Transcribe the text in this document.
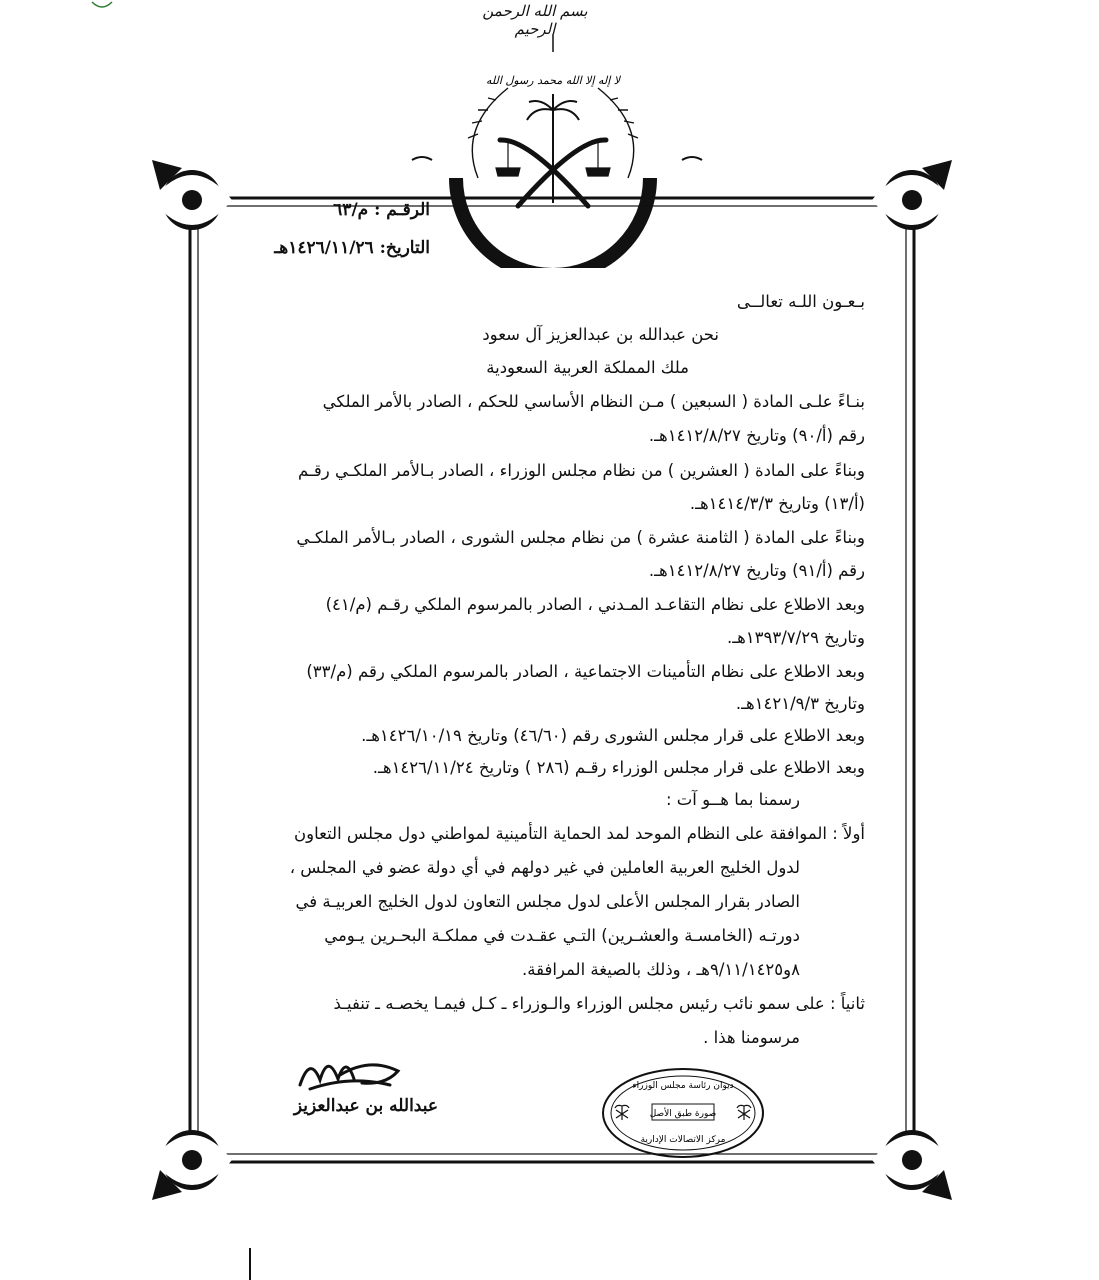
بسم الله الرحمن الرحيم
لا إله إلا الله محمد رسول الله
ديوان المظالم - المملكة العربية السعودية
الرقـم : م/٦٣
التاريخ: ١٤٢٦/١١/٢٦هـ
بـعـون اللـه تعالــى
نحن عبدالله بن عبدالعزيز آل سعود
ملك المملكة العربية السعودية
بنـاءً علـى المادة ( السبعين ) مـن النظام الأساسي للحكم ، الصادر بالأمر الملكي
رقم (أ/٩٠) وتاريخ ١٤١٢/٨/٢٧هـ.
وبناءً على المادة ( العشرين ) من نظام مجلس الوزراء ، الصادر بـالأمر الملكـي رقـم
(أ/١٣) وتاريخ ١٤١٤/٣/٣هـ.
وبناءً على المادة ( الثامنة عشرة ) من نظام مجلس الشورى ، الصادر بـالأمر الملكـي
رقم (أ/٩١) وتاريخ ١٤١٢/٨/٢٧هـ.
وبعد الاطلاع على نظام التقاعـد المـدني ، الصادر بالمرسوم الملكي رقـم (م/٤١)
وتاريخ ١٣٩٣/٧/٢٩هـ.
وبعد الاطلاع على نظام التأمينات الاجتماعية ، الصادر بالمرسوم الملكي رقم (م/٣٣)
وتاريخ ١٤٢١/٩/٣هـ.
وبعد الاطلاع على قرار مجلس الشورى رقم (٤٦/٦٠) وتاريخ ١٤٢٦/١٠/١٩هـ.
وبعد الاطلاع على قرار مجلس الوزراء رقـم (٢٨٦ ) وتاريخ ١٤٢٦/١١/٢٤هـ.
رسمنا بما هــو آت :
أولاً : الموافقة على النظام الموحد لمد الحماية التأمينية لمواطني دول مجلس التعاون
لدول الخليج العربية العاملين في غير دولهم في أي دولة عضو في المجلس ،
الصادر بقرار المجلس الأعلى لدول مجلس التعاون لدول الخليج العربيـة في
دورتـه (الخامسـة والعشـرين) التـي عقـدت في مملكـة البحـرين يـومي
٨و٩/١١/١٤٢٥هـ ، وذلك بالصيغة المرافقة.
ثانياً : على سمو نائب رئيس مجلس الوزراء والـوزراء ـ كـل فيمـا يخصـه ـ تنفيـذ
مرسومنا هذا .
عبدالله بن عبدالعزيز
ديوان رئاسة مجلس الوزراء
صورة طبق الأصل
مركز الاتصالات الإدارية
